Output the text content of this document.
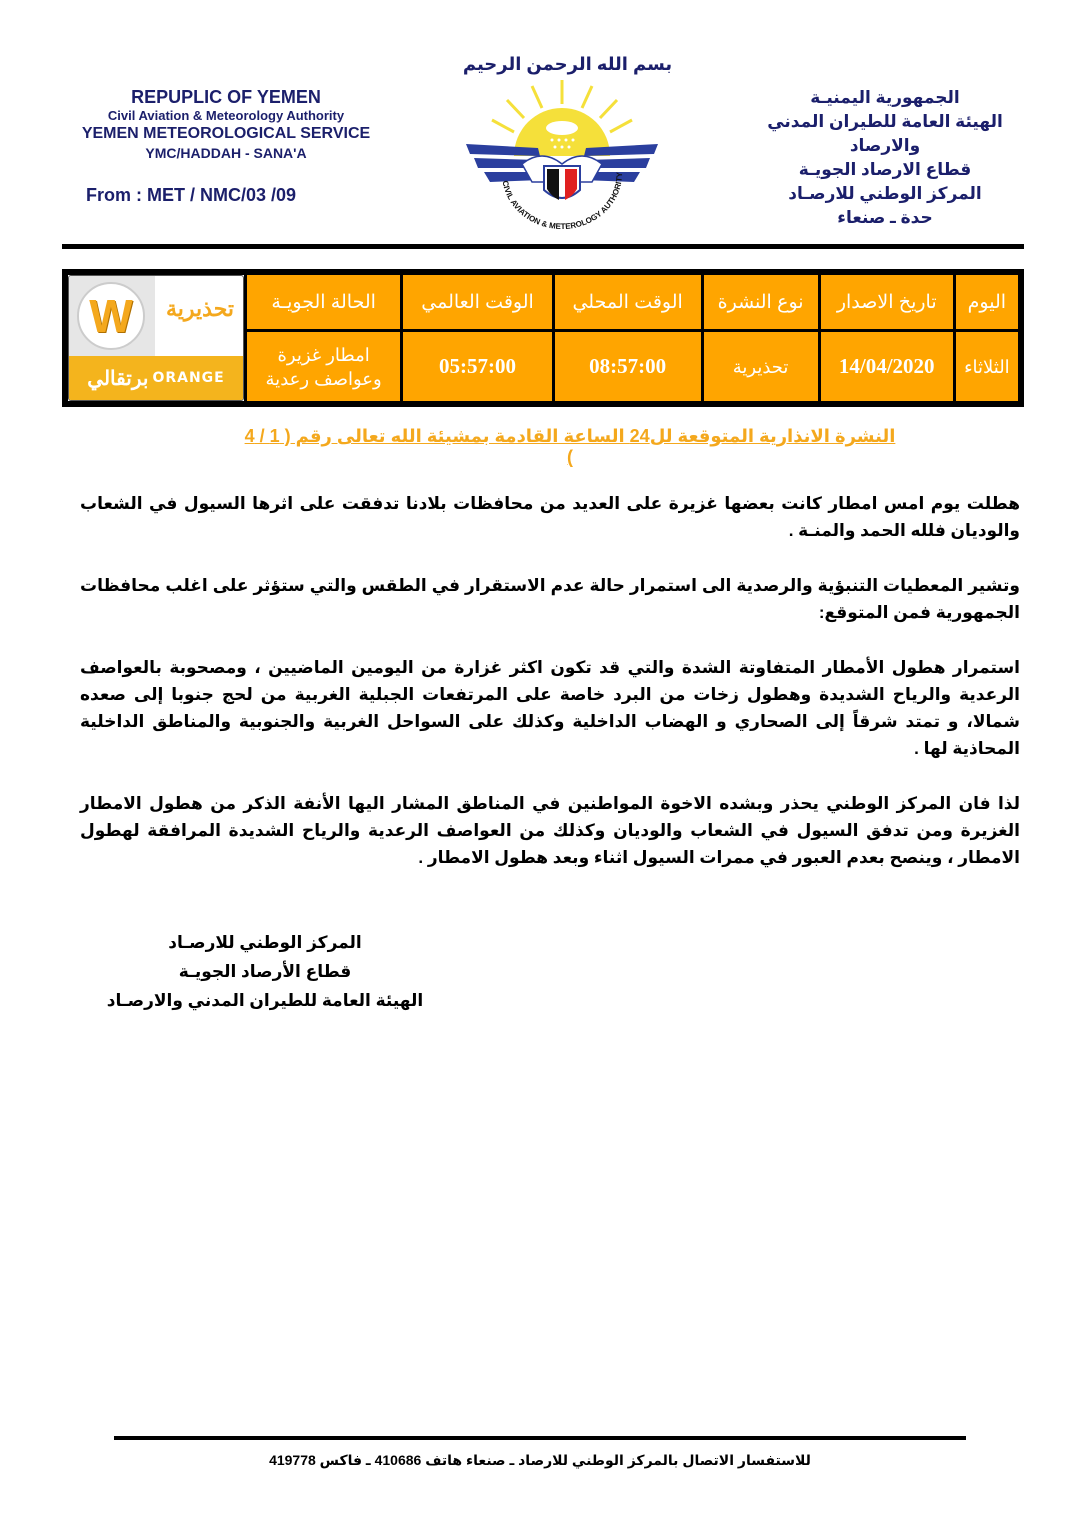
REPUPLIC OF YEMEN
Civil Aviation & Meteorology Authority
YEMEN METEOROLOGICAL SERVICE
YMC/HADDAH - SANA'A
From : MET / NMC/03 /09
بسم الله الرحمن الرحيم
CIVIL AVIATION & METEROLOGY AUTHORITY
الجمهورية اليمنيـة
الهيئة العامة للطيران المدني والارصاد
قطاع الارصاد الجويـة
المركز الوطني للارصـاد
حدة ـ صنعاء
اليوم	تاريخ الاصدار	نوع النشرة	الوقت المحلي	الوقت العالمي	الحالة الجويـة	W تحذيرية
ORANGE
برتقالي

الثلاثاء	14/04/2020	تحذيرية	08:57:00	05:57:00	امطار غزيرة
وعواصف رعدية	
النشرة الانذارية المتوقعة لل24 الساعة القادمة بمشيئة الله تعالى رقم ( 1 / 4 )
هطلت يوم امس امطار كانت بعضها غزيرة على العديد من محافظات بلادنا تدفقت على اثرها السيول في الشعاب والوديان فلله الحمد والمنـة .
وتشير المعطيات التنبؤية والرصدية الى استمرار حالة عدم الاستقرار في الطقس والتي ستؤثر على اغلب محافظات الجمهورية فمن المتوقع:
استمرار هطول الأمطار المتفاوتة الشدة والتي قد تكون اكثر غزارة من اليومين الماضيين ، ومصحوبة بالعواصف الرعدية والرياح الشديدة وهطول زخات من البرد خاصة على المرتفعات الجبلية الغربية من لحج جنوبا إلى صعده شمالا، و تمتد شرقاً إلى الصحاري و الهضاب الداخلية وكذلك على السواحل الغربية والجنوبية والمناطق الداخلية المحاذية لها .
لذا فان المركز الوطني يحذر وبشده الاخوة المواطنين في المناطق المشار اليها الأنفة الذكر من هطول الامطار الغزيرة ومن تدفق السيول في الشعاب والوديان وكذلك من العواصف الرعدية والرياح الشديدة المرافقة لهطول الامطار ، وينصح بعدم العبور في ممرات السيول اثناء وبعد هطول الامطار .
المركز الوطني للارصـاد
قطاع الأرصاد الجويـة
الهيئة العامة للطيران المدني والارصـاد
للاستفسار الاتصال بالمركز الوطني للارصاد ـ صنعاء هاتف 410686 ـ فاكس 419778
